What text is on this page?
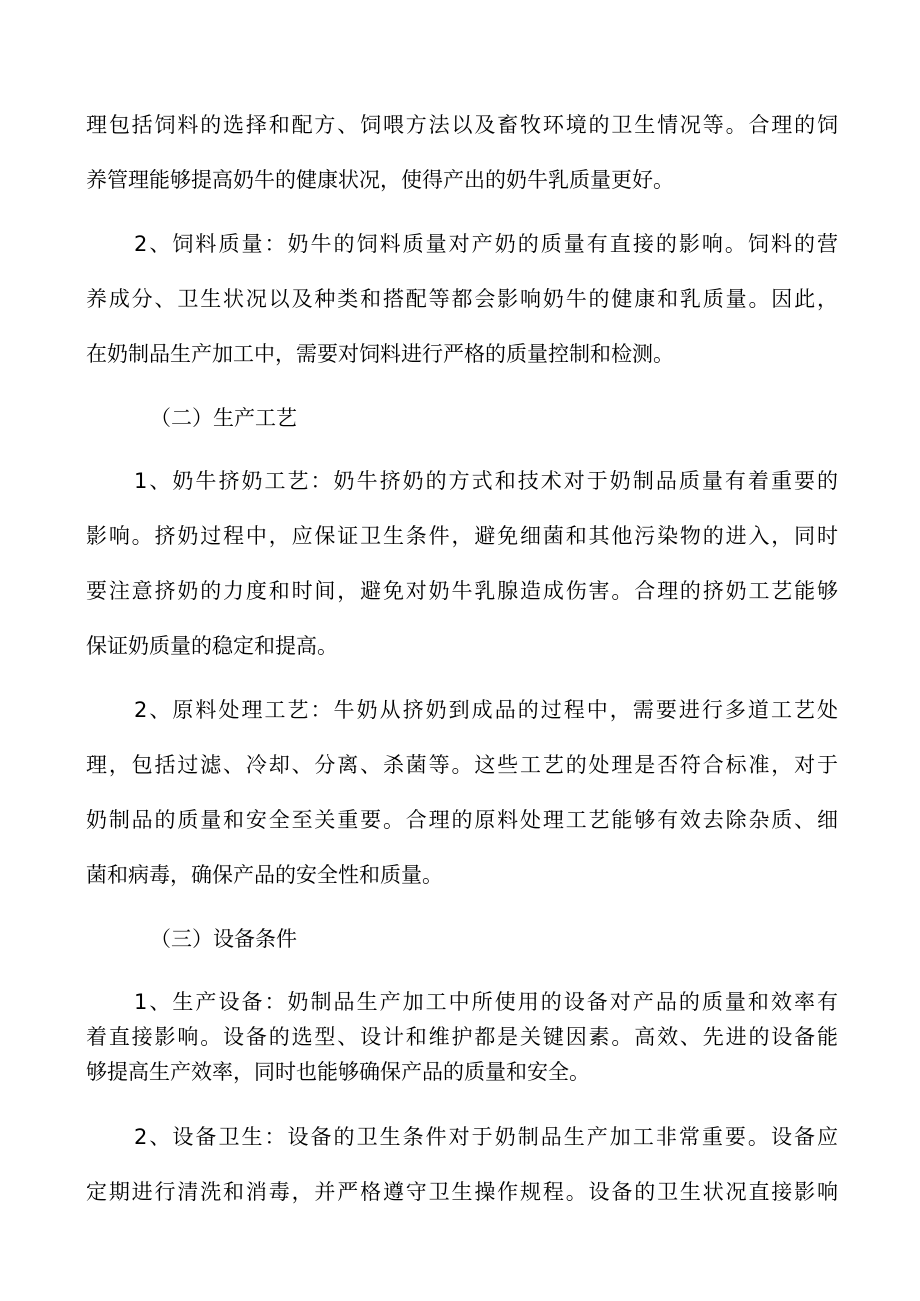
理包括饲料的选择和配方、饲喂方法以及畜牧环境的卫生情况等。合理的饲
养管理能够提高奶牛的健康状况，使得产出的奶牛乳质量更好。
2、饲料质量：奶牛的饲料质量对产奶的质量有直接的影响。饲料的营
养成分、卫生状况以及种类和搭配等都会影响奶牛的健康和乳质量。因此，
在奶制品生产加工中，需要对饲料进行严格的质量控制和检测。
（二）生产工艺
1、奶牛挤奶工艺：奶牛挤奶的方式和技术对于奶制品质量有着重要的
影响。挤奶过程中，应保证卫生条件，避免细菌和其他污染物的进入，同时
要注意挤奶的力度和时间，避免对奶牛乳腺造成伤害。合理的挤奶工艺能够
保证奶质量的稳定和提高。
2、原料处理工艺：牛奶从挤奶到成品的过程中，需要进行多道工艺处
理，包括过滤、冷却、分离、杀菌等。这些工艺的处理是否符合标准，对于
奶制品的质量和安全至关重要。合理的原料处理工艺能够有效去除杂质、细
菌和病毒，确保产品的安全性和质量。
（三）设备条件
1、生产设备：奶制品生产加工中所使用的设备对产品的质量和效率有
着直接影响。设备的选型、设计和维护都是关键因素。高效、先进的设备能
够提高生产效率，同时也能够确保产品的质量和安全。
2、设备卫生：设备的卫生条件对于奶制品生产加工非常重要。设备应
定期进行清洗和消毒，并严格遵守卫生操作规程。设备的卫生状况直接影响
